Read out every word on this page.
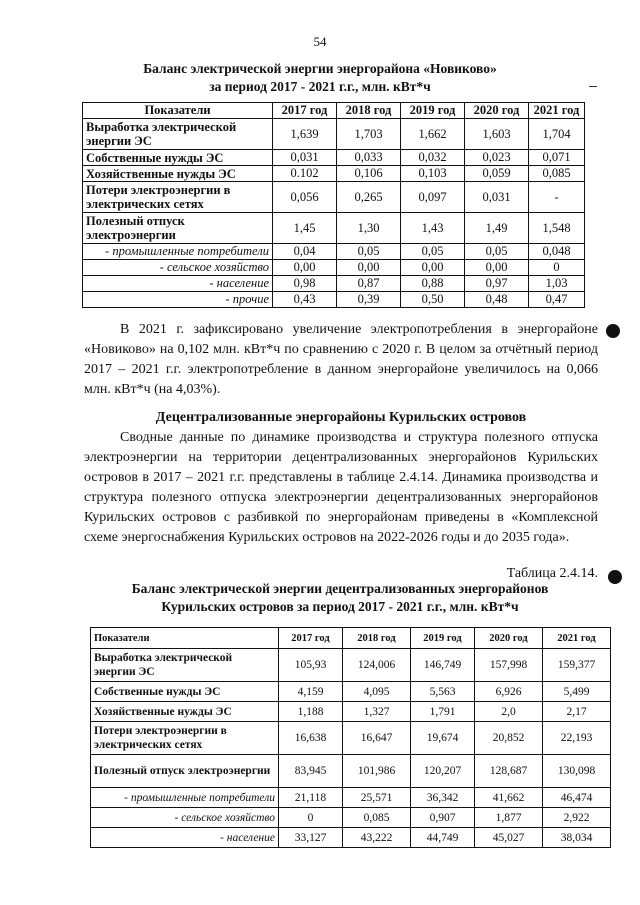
54
Баланс электрической энергии энергорайона «Новиково»
за период 2017 - 2021 г.г., млн. кВт*ч
Показатели	2017 год	2018 год	2019 год	2020 год	2021 год
Выработка электрической энергии ЭС	1,639	1,703	1,662	1,603	1,704
Собственные нужды ЭС	0,031	0,033	0,032	0,023	0,071
Хозяйственные нужды ЭС	0.102	0,106	0,103	0,059	0,085
Потери электроэнергии в электрических сетях	0,056	0,265	0,097	0,031	-
Полезный отпуск электроэнергии	1,45	1,30	1,43	1,49	1,548
- промышленные потребители	0,04	0,05	0,05	0,05	0,048
- сельское хозяйство	0,00	0,00	0,00	0,00	0
- население	0,98	0,87	0,88	0,97	1,03
- прочие	0,43	0,39	0,50	0,48	0,47
В 2021 г. зафиксировано увеличение электропотребления в энергорайоне «Новиково» на 0,102 млн. кВт*ч по сравнению с 2020 г. В целом за отчётный период 2017 – 2021 г.г. электропотребление в данном энергорайоне увеличилось на 0,066 млн. кВт*ч (на 4,03%).
Децентрализованные энергорайоны Курильских островов
Сводные данные по динамике производства и структура полезного отпуска электроэнергии на территории децентрализованных энергорайонов Курильских островов в 2017 – 2021 г.г. представлены в таблице 2.4.14. Динамика производства и структура полезного отпуска электроэнергии децентрализованных энергорайонов Курильских островов с разбивкой по энергорайонам приведены в «Комплексной схеме энергоснабжения Курильских островов на 2022-2026 годы и до 2035 года».
Таблица 2.4.14.
Баланс электрической энергии децентрализованных энергорайонов
Курильских островов за период 2017 - 2021 г.г., млн. кВт*ч
Показатели	2017 год	2018 год	2019 год	2020 год	2021 год
Выработка электрической энергии ЭС	105,93	124,006	146,749	157,998	159,377
Собственные нужды ЭС	4,159	4,095	5,563	6,926	5,499
Хозяйственные нужды ЭС	1,188	1,327	1,791	2,0	2,17
Потери электроэнергии в электрических сетях	16,638	16,647	19,674	20,852	22,193
Полезный отпуск электроэнергии	83,945	101,986	120,207	128,687	130,098
- промышленные потребители	21,118	25,571	36,342	41,662	46,474
- сельское хозяйство	0	0,085	0,907	1,877	2,922
- население	33,127	43,222	44,749	45,027	38,034
